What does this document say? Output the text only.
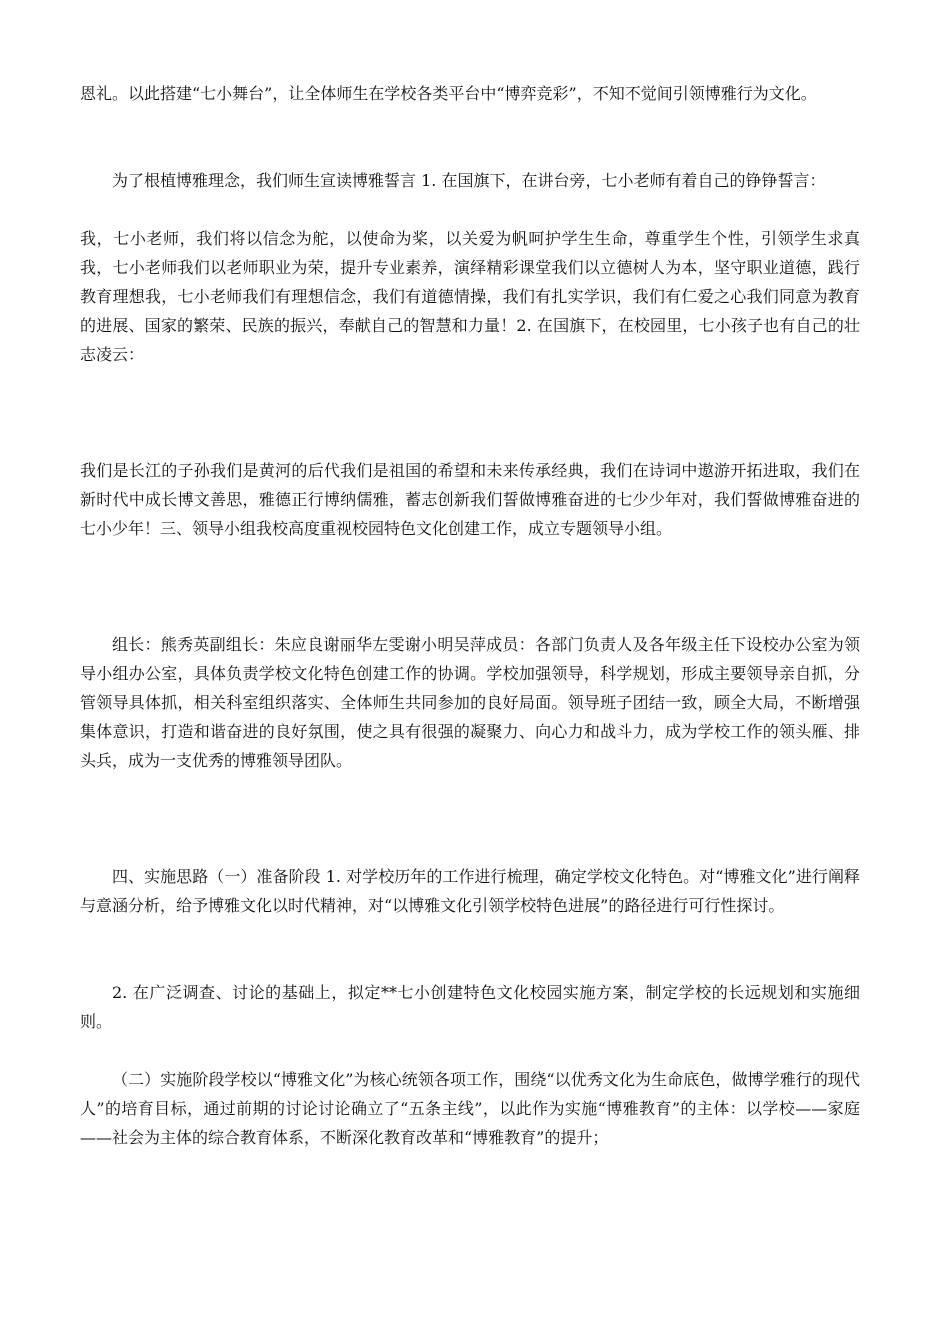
恩礼。以此搭建“七小舞台”，让全体师生在学校各类平台中“博弈竞彩”，不知不觉间引领博雅行为文化。

为了根植博雅理念，我们师生宣读博雅誓言 1. 在国旗下，在讲台旁，七小老师有着自己的铮铮誓言：

我，七小老师，我们将以信念为舵，以使命为桨，以关爱为帆呵护学生生命，尊重学生个性，引领学生求真我，七小老师我们以老师职业为荣，提升专业素养，演绎精彩课堂我们以立德树人为本，坚守职业道德，践行教育理想我，七小老师我们有理想信念，我们有道德情操，我们有扎实学识，我们有仁爱之心我们同意为教育的进展、国家的繁荣、民族的振兴，奉献自己的智慧和力量！2. 在国旗下，在校园里，七小孩子也有自己的壮志凌云：

我们是长江的子孙我们是黄河的后代我们是祖国的希望和未来传承经典，我们在诗词中遨游开拓进取，我们在新时代中成长博文善思，雅德正行博纳儒雅，蓄志创新我们誓做博雅奋进的七少少年对，我们誓做博雅奋进的七小少年！三、领导小组我校高度重视校园特色文化创建工作，成立专题领导小组。

组长：熊秀英副组长：朱应良谢丽华左雯谢小明吴萍成员：各部门负责人及各年级主任下设校办公室为领导小组办公室，具体负责学校文化特色创建工作的协调。学校加强领导，科学规划，形成主要领导亲自抓，分管领导具体抓，相关科室组织落实、全体师生共同参加的良好局面。领导班子团结一致，顾全大局，不断增强集体意识，打造和谐奋进的良好氛围，使之具有很强的凝聚力、向心力和战斗力，成为学校工作的领头雁、排头兵，成为一支优秀的博雅领导团队。

四、实施思路（一）准备阶段 1. 对学校历年的工作进行梳理，确定学校文化特色。对“博雅文化”进行阐释与意涵分析，给予博雅文化以时代精神，对“以博雅文化引领学校特色进展”的路径进行可行性探讨。

2. 在广泛调查、讨论的基础上，拟定**七小创建特色文化校园实施方案，制定学校的长远规划和实施细则。

（二）实施阶段学校以“博雅文化”为核心统领各项工作，围绕“以优秀文化为生命底色，做博学雅行的现代人”的培育目标，通过前期的讨论讨论确立了“五条主线”，以此作为实施“博雅教育”的主体：以学校——家庭——社会为主体的综合教育体系，不断深化教育改革和“博雅教育”的提升；
